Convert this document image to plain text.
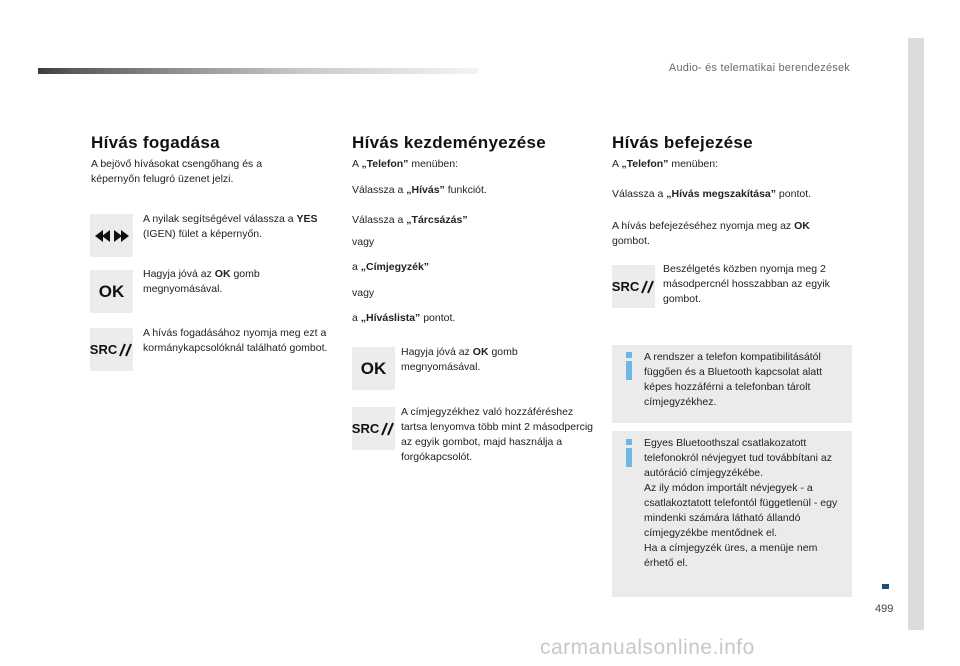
Audio- és telematikai berendezések
499
Hívás fogadása
A bejövő hívásokat csengőhang és a képernyőn felugró üzenet jelzi.
A nyilak segítségével válassza a YES (IGEN) fület a képernyőn.
OK
Hagyja jóvá az OK gomb megnyomásával.
SRC
A hívás fogadásához nyomja meg ezt a kormánykapcsolóknál található gombot.
Hívás kezdeményezése
A „Telefon” menüben:
Válassza a „Hívás” funkciót.
Válassza a „Tárcsázás”
vagy
a „Címjegyzék”
vagy
a „Híváslista” pontot.
OK
Hagyja jóvá az OK gomb megnyomásával.
SRC
A címjegyzékhez való hozzáféréshez tartsa lenyomva több mint 2 másodpercig az egyik gombot, majd használja a forgókapcsolót.
Hívás befejezése
A „Telefon” menüben:
Válassza a „Hívás megszakítása” pontot.
A hívás befejezéséhez nyomja meg az OK gombot.
SRC
Beszélgetés közben nyomja meg 2 másodpercnél hosszabban az egyik gombot.
A rendszer a telefon kompatibilitásától függően és a Bluetooth kapcsolat alatt képes hozzáférni a telefonban tárolt címjegyzékhez.
Egyes Bluetoothszal csatlakozatott telefonokról névjegyet tud továbbítani az autóráció címjegyzékébe.
Az ily módon importált névjegyek - a csatlakoztatott telefontól függetlenül - egy mindenki számára látható állandó címjegyzékbe mentődnek el.
Ha a címjegyzék üres, a menüje nem érhető el.
carmanualsonline.info
